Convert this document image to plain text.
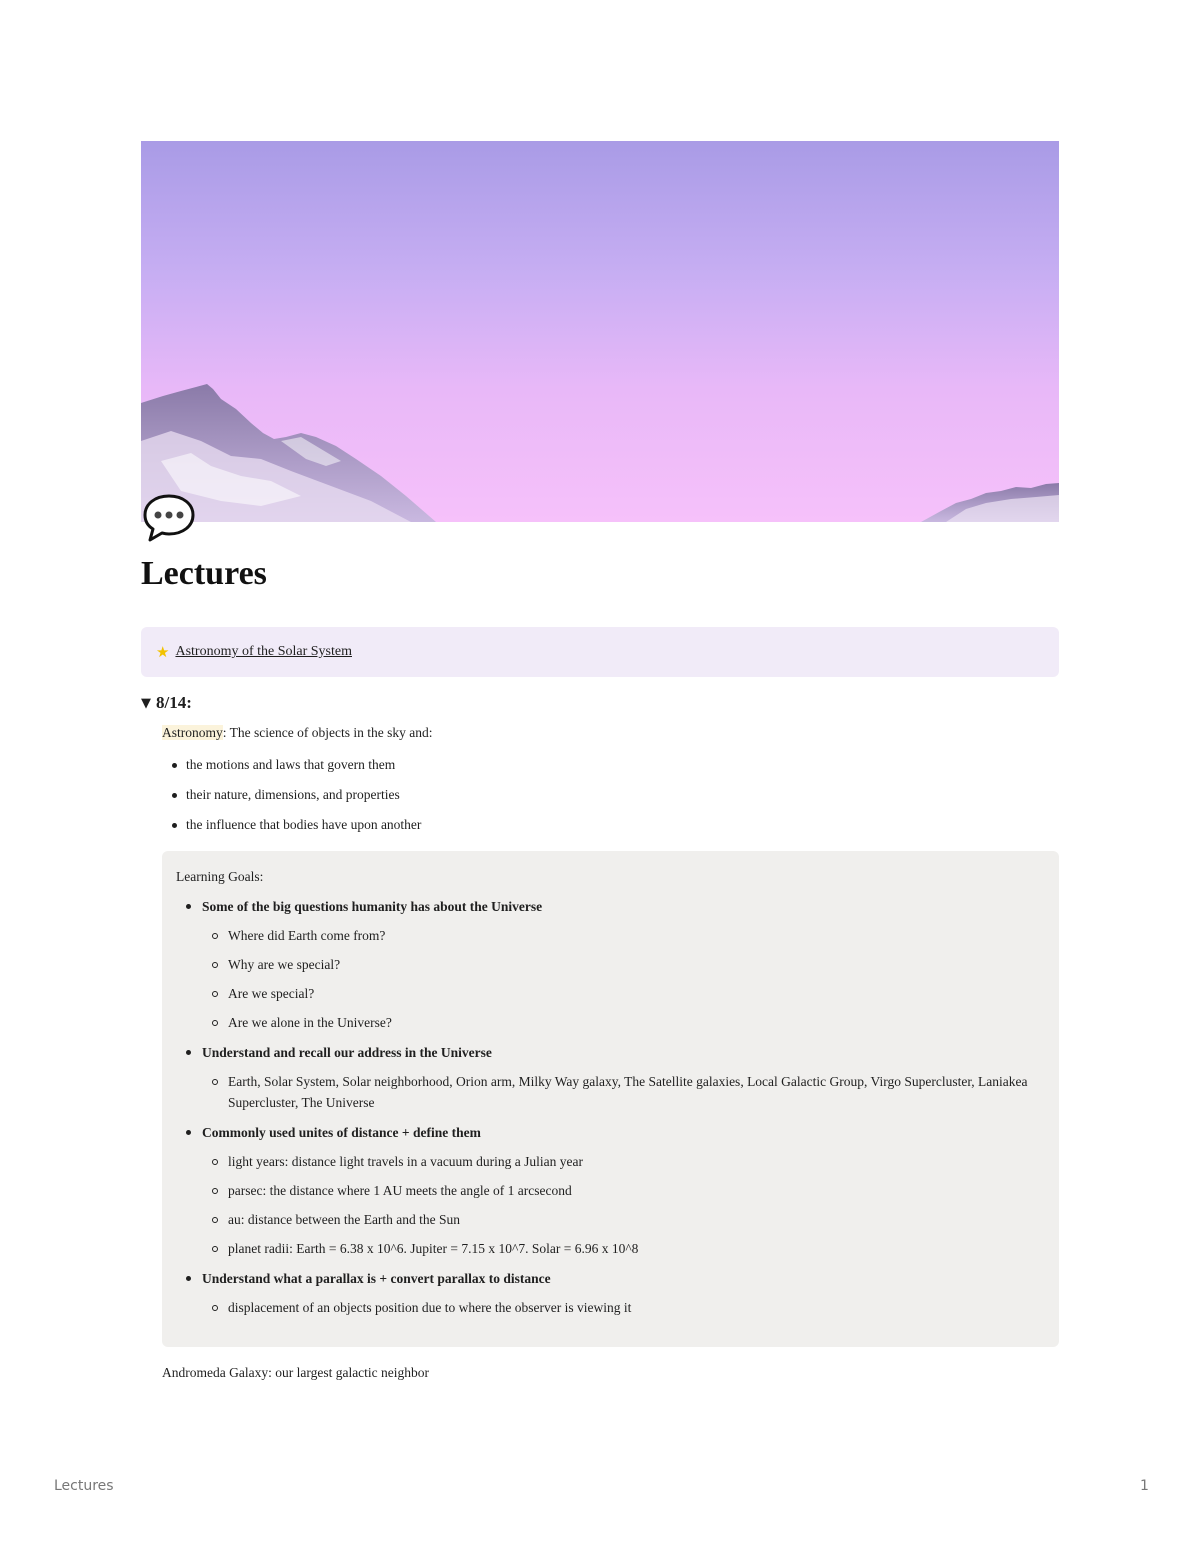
Lectures
★ Astronomy of the Solar System
▼ 8/14:
Astronomy: The science of objects in the sky and:
the motions and laws that govern them
their nature, dimensions, and properties
the influence that bodies have upon another

Learning Goals:

Some of the big questions humanity has about the Universe
Where did Earth come from?
Why are we special?
Are we special?
Are we alone in the Universe?
Understand and recall our address in the Universe
Earth, Solar System, Solar neighborhood, Orion arm, Milky Way galaxy, The Satellite galaxies, Local Galactic Group, Virgo Supercluster, Laniakea Supercluster, The Universe
Commonly used unites of distance + define them
light years: distance light travels in a vacuum during a Julian year
parsec: the distance where 1 AU meets the angle of 1 arcsecond
au: distance between the Earth and the Sun
planet radii: Earth = 6.38 x 10^6. Jupiter = 7.15 x 10^7. Solar = 6.96 x 10^8
Understand what a parallax is + convert parallax to distance
displacement of an objects position due to where the observer is viewing it
Andromeda Galaxy: our largest galactic neighbor
Lectures	1
